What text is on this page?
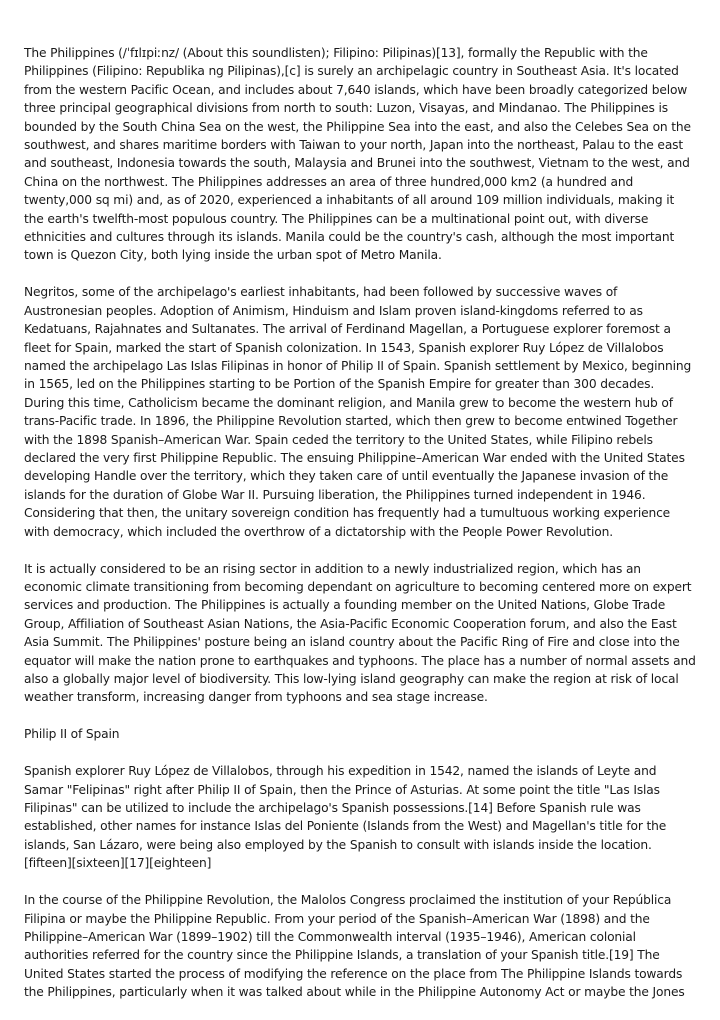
The Philippines (/ˈfɪlɪpiːnz/ (About this soundlisten); Filipino: Pilipinas)[13], formally the Republic with the Philippines (Filipino: Republika ng Pilipinas),[c] is surely an archipelagic country in Southeast Asia. It's located from the western Pacific Ocean, and includes about 7,640 islands, which have been broadly categorized below three principal geographical divisions from north to south: Luzon, Visayas, and Mindanao. The Philippines is bounded by the South China Sea on the west, the Philippine Sea into the east, and also the Celebes Sea on the southwest, and shares maritime borders with Taiwan to your north, Japan into the northeast, Palau to the east and southeast, Indonesia towards the south, Malaysia and Brunei into the southwest, Vietnam to the west, and China on the northwest. The Philippines addresses an area of three hundred,000 km2 (a hundred and twenty,000 sq mi) and, as of 2020, experienced a inhabitants of all around 109 million individuals, making it the earth's twelfth-most populous country. The Philippines can be a multinational point out, with diverse ethnicities and cultures through its islands. Manila could be the country's cash, although the most important town is Quezon City, both lying inside the urban spot of Metro Manila.

Negritos, some of the archipelago's earliest inhabitants, had been followed by successive waves of Austronesian peoples. Adoption of Animism, Hinduism and Islam proven island-kingdoms referred to as Kedatuans, Rajahnates and Sultanates. The arrival of Ferdinand Magellan, a Portuguese explorer foremost a fleet for Spain, marked the start of Spanish colonization. In 1543, Spanish explorer Ruy López de Villalobos named the archipelago Las Islas Filipinas in honor of Philip II of Spain. Spanish settlement by Mexico, beginning in 1565, led on the Philippines starting to be Portion of the Spanish Empire for greater than 300 decades. During this time, Catholicism became the dominant religion, and Manila grew to become the western hub of trans-Pacific trade. In 1896, the Philippine Revolution started, which then grew to become entwined Together with the 1898 Spanish–American War. Spain ceded the territory to the United States, while Filipino rebels declared the very first Philippine Republic. The ensuing Philippine–American War ended with the United States developing Handle over the territory, which they taken care of until eventually the Japanese invasion of the islands for the duration of Globe War II. Pursuing liberation, the Philippines turned independent in 1946. Considering that then, the unitary sovereign condition has frequently had a tumultuous working experience with democracy, which included the overthrow of a dictatorship with the People Power Revolution.

It is actually considered to be an rising sector in addition to a newly industrialized region, which has an economic climate transitioning from becoming dependant on agriculture to becoming centered more on expert services and production. The Philippines is actually a founding member on the United Nations, Globe Trade Group, Affiliation of Southeast Asian Nations, the Asia-Pacific Economic Cooperation forum, and also the East Asia Summit. The Philippines' posture being an island country about the Pacific Ring of Fire and close into the equator will make the nation prone to earthquakes and typhoons. The place has a number of normal assets and also a globally major level of biodiversity. This low-lying island geography can make the region at risk of local weather transform, increasing danger from typhoons and sea stage increase.

Philip II of Spain

Spanish explorer Ruy López de Villalobos, through his expedition in 1542, named the islands of Leyte and Samar "Felipinas" right after Philip II of Spain, then the Prince of Asturias. At some point the title "Las Islas Filipinas" can be utilized to include the archipelago's Spanish possessions.[14] Before Spanish rule was established, other names for instance Islas del Poniente (Islands from the West) and Magellan's title for the islands, San Lázaro, were being also employed by the Spanish to consult with islands inside the location.[fifteen][sixteen][17][eighteen]

In the course of the Philippine Revolution, the Malolos Congress proclaimed the institution of your República Filipina or maybe the Philippine Republic. From your period of the Spanish–American War (1898) and the Philippine–American War (1899–1902) till the Commonwealth interval (1935–1946), American colonial authorities referred for the country since the Philippine Islands, a translation of your Spanish title.[19] The United States started the process of modifying the reference on the place from The Philippine Islands towards the Philippines, particularly when it was talked about while in the Philippine Autonomy Act or maybe the Jones
